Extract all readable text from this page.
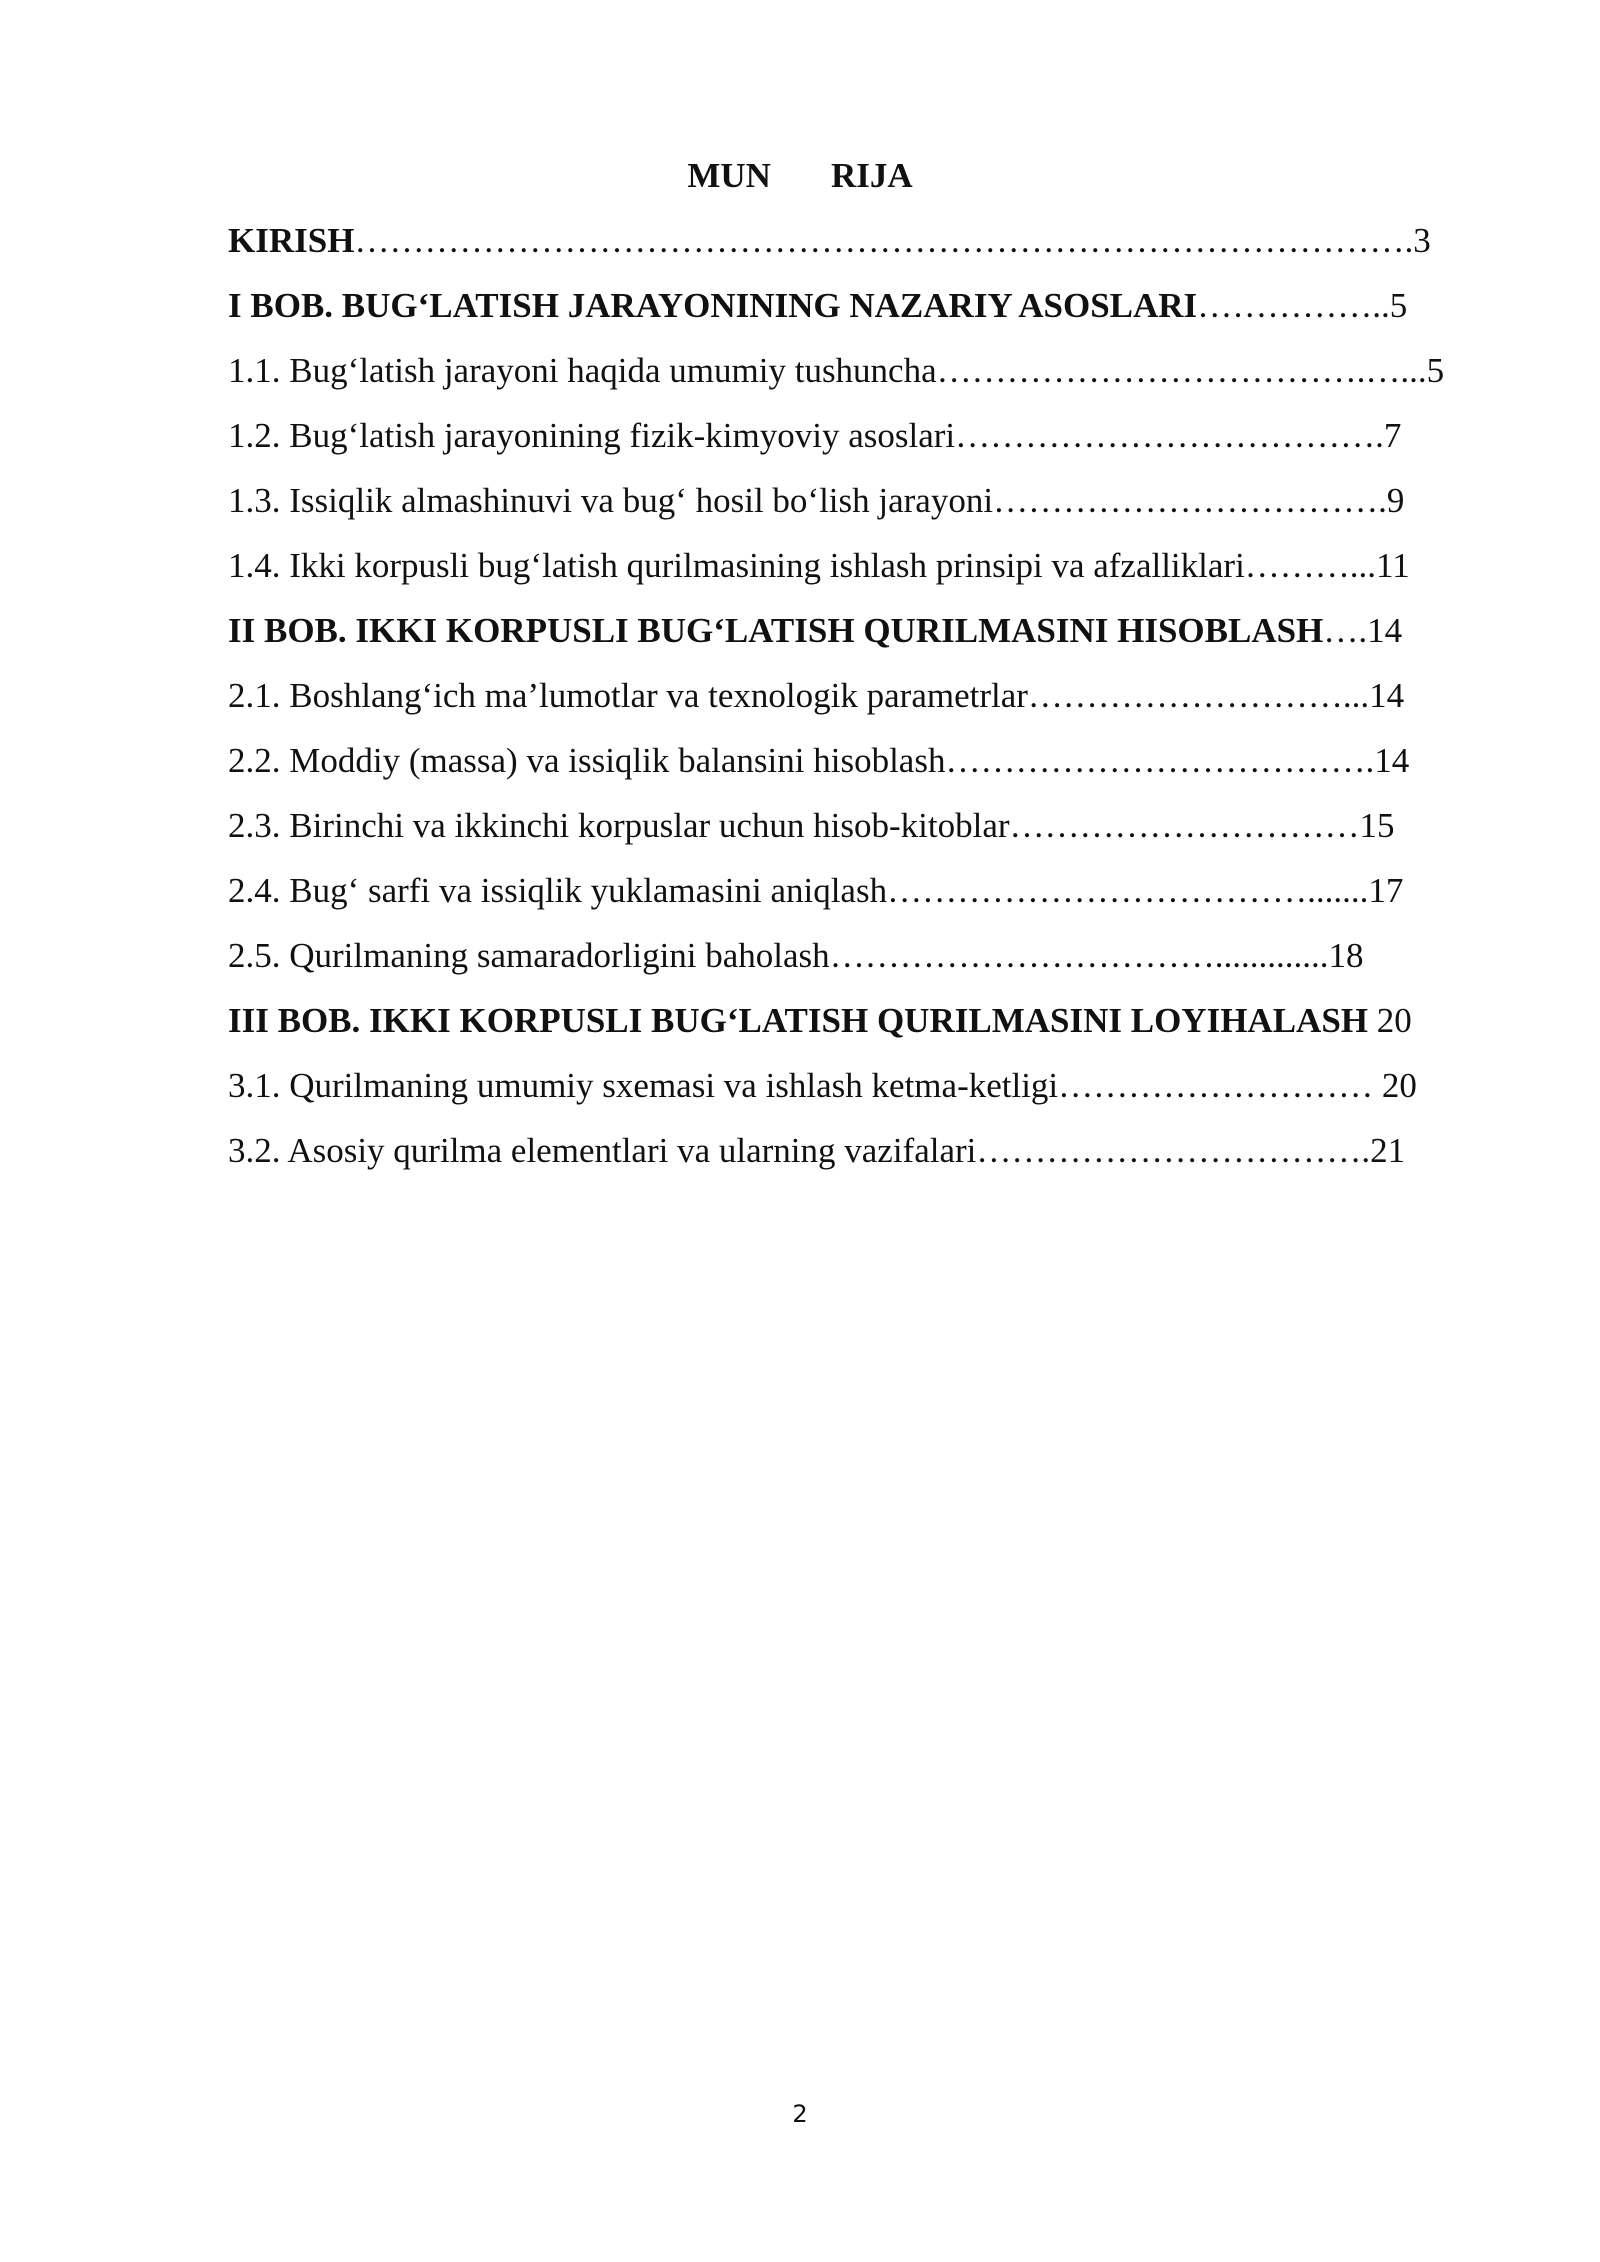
MUN RIJA

KIRISH……………………………………………………………………………….3

I BOB. BUG‘LATISH JARAYONINING NAZARIY ASOSLARI……………..5

1.1. Bug‘latish jarayoni haqida umumiy tushuncha……………………………….…...5

1.2. Bug‘latish jarayonining fizik-kimyoviy asoslari……………………………….7

1.3. Issiqlik almashinuvi va bug‘ hosil bo‘lish jarayoni…………………………….9

1.4. Ikki korpusli bug‘latish qurilmasining ishlash prinsipi va afzalliklari………...11

II BOB. IKKI KORPUSLI BUG‘LATISH QURILMASINI HISOBLASH….14

2.1. Boshlang‘ich ma’lumotlar va texnologik parametrlar………………………...14

2.2. Moddiy (massa) va issiqlik balansini hisoblash……………………………….14

2.3. Birinchi va ikkinchi korpuslar uchun hisob-kitoblar…………………………15

2.4. Bug‘ sarfi va issiqlik yuklamasini aniqlash……………………………….......17

2.5. Qurilmaning samaradorligini baholash…………………………….............18

III BOB. IKKI KORPUSLI BUG‘LATISH QURILMASINI LOYIHALASH 20

3.1. Qurilmaning umumiy sxemasi va ishlash ketma-ketligi……………………… 20

3.2. Asosiy qurilma elementlari va ularning vazifalari…………………………….21

2
